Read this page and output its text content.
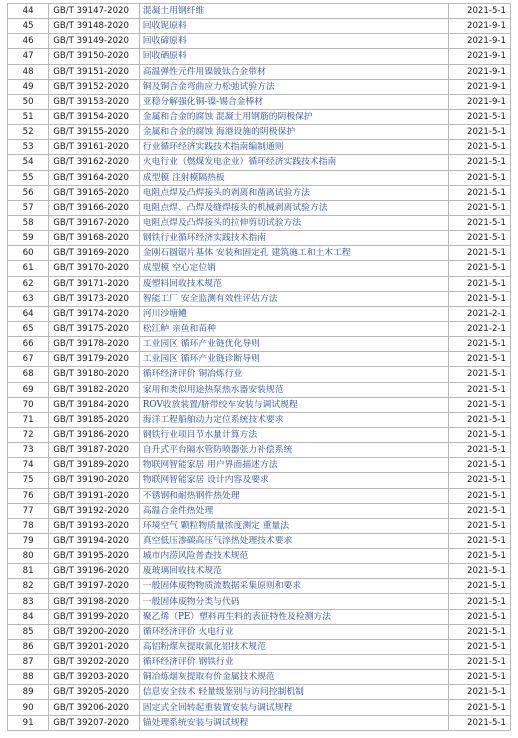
44	GB/T 39147-2020	混凝土用钢纤维	2021-5-1
45	GB/T 39148-2020	回收铌原料	2021-9-1
46	GB/T 39149-2020	回收碲原料	2021-9-1
47	GB/T 39150-2020	回收硒原料	2021-9-1
48	GB/T 39151-2020	高温弹性元件用镍铍钛合金带材	2021-9-1
49	GB/T 39152-2020	铜及铜合金弯曲应力松弛试验方法	2021-9-1
50	GB/T 39153-2020	亚稳分解强化铜-镍-锡合金棒材	2021-9-1
51	GB/T 39154-2020	金属和合金的腐蚀 混凝土用钢筋的阴极保护	2021-5-1
52	GB/T 39155-2020	金属和合金的腐蚀 海港设施的阴极保护	2021-5-1
53	GB/T 39161-2020	行业循环经济实践技术指南编制通则	2021-5-1
54	GB/T 39162-2020	火电行业（燃煤发电企业）循环经济实践技术指南	2021-5-1
55	GB/T 39164-2020	成型模 注射模隔热板	2021-5-1
56	GB/T 39165-2020	电阻点焊及凸焊接头的剥离和凿离试验方法	2021-5-1
57	GB/T 39166-2020	电阻点焊、凸焊及缝焊接头的机械剥离试验方法	2021-5-1
58	GB/T 39167-2020	电阻点焊及凸焊接头的拉伸剪切试验方法	2021-5-1
59	GB/T 39168-2020	钢铁行业循环经济实践技术指南	2021-5-1
60	GB/T 39169-2020	金刚石圆锯片基体 安装和固定孔 建筑施工和土木工程	2021-5-1
61	GB/T 39170-2020	成型模 空心定位销	2021-5-1
62	GB/T 39171-2020	废塑料回收技术规范	2021-5-1
63	GB/T 39173-2020	智能工厂 安全监测有效性评估方法	2021-5-1
64	GB/T 39174-2020	河川沙塘鳢	2021-2-1
65	GB/T 39175-2020	松江鲈 亲鱼和苗种	2021-2-1
66	GB/T 39178-2020	工业园区 循环产业链优化导则	2021-5-1
67	GB/T 39179-2020	工业园区 循环产业链诊断导则	2021-5-1
68	GB/T 39180-2020	循环经济评价 铜冶炼行业	2021-5-1
69	GB/T 39182-2020	家用和类似用途热泵热水器安装规范	2021-5-1
70	GB/T 39184-2020	ROV收放装置/脐带绞车安装与调试规程	2021-5-1
71	GB/T 39185-2020	海洋工程船舶动力定位系统技术要求	2021-5-1
72	GB/T 39186-2020	钢铁行业项目节水量计算方法	2021-5-1
73	GB/T 39187-2020	自升式平台隔水管防喷器张力补偿系统	2021-5-1
74	GB/T 39189-2020	物联网智能家居 用户界面描述方法	2021-5-1
75	GB/T 39190-2020	物联网智能家居 设计内容及要求	2021-5-1
76	GB/T 39191-2020	不锈钢和耐热钢件热处理	2021-5-1
77	GB/T 39192-2020	高温合金件热处理	2021-5-1
78	GB/T 39193-2020	环境空气 颗粒物质量浓度测定 重量法	2021-5-1
79	GB/T 39194-2020	真空低压渗碳高压气淬热处理技术要求	2021-5-1
80	GB/T 39195-2020	城市内涝风险普查技术规范	2021-5-1
81	GB/T 39196-2020	废玻璃回收技术规范	2021-5-1
82	GB/T 39197-2020	一般固体废物物质流数据采集原则和要求	2021-5-1
83	GB/T 39198-2020	一般固体废物分类与代码	2021-5-1
84	GB/T 39199-2020	聚乙烯（PE）塑料再生料的表征特性及检测方法	2021-5-1
85	GB/T 39200-2020	循环经济评价 火电行业	2021-5-1
86	GB/T 39201-2020	高铝粉煤灰提取氧化铝技术规范	2021-5-1
87	GB/T 39202-2020	循环经济评价 钢铁行业	2021-5-1
88	GB/T 39203-2020	铜冶炼烟灰提取有价金属技术规范	2021-5-1
89	GB/T 39205-2020	信息安全技术 轻量级鉴别与访问控制机制	2021-5-1
90	GB/T 39206-2020	固定式全回转起重装置安装与调试规程	2021-5-1
91	GB/T 39207-2020	锚处理系统安装与调试规程	2021-5-1
